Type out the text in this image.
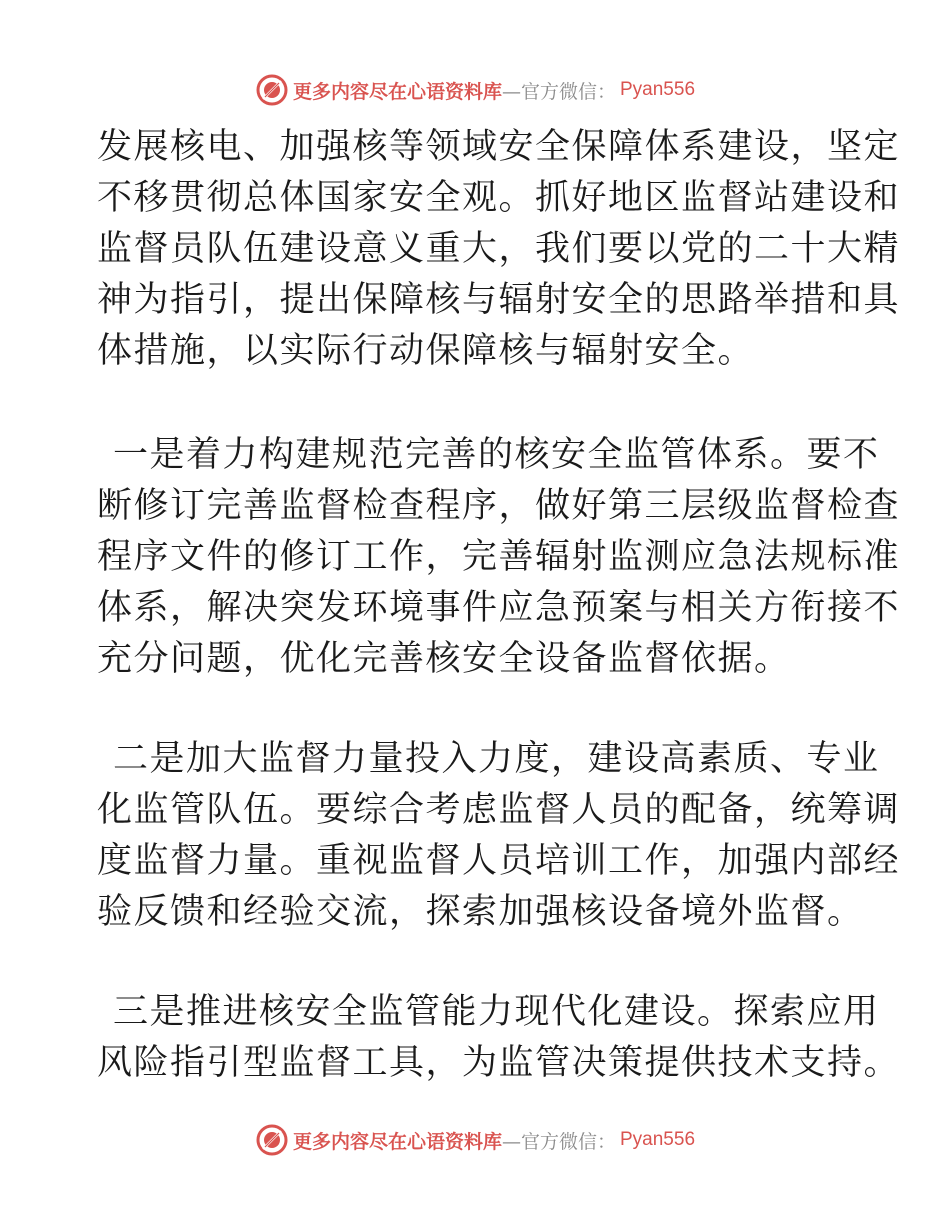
更多内容尽在心语资料库 —官方微信： Pyan556

发展核电、加强核等领域安全保障体系建设，坚定
不移贯彻总体国家安全观。抓好地区监督站建设和
监督员队伍建设意义重大，我们要以党的二十大精
神为指引，提出保障核与辐射安全的思路举措和具
体措施，以实际行动保障核与辐射安全。

一是着力构建规范完善的核安全监管体系。要不
断修订完善监督检查程序，做好第三层级监督检查
程序文件的修订工作，完善辐射监测应急法规标准
体系，解决突发环境事件应急预案与相关方衔接不
充分问题，优化完善核安全设备监督依据。

二是加大监督力量投入力度，建设高素质、专业
化监管队伍。要综合考虑监督人员的配备，统筹调
度监督力量。重视监督人员培训工作，加强内部经
验反馈和经验交流，探索加强核设备境外监督。

三是推进核安全监管能力现代化建设。探索应用
风险指引型监督工具，为监管决策提供技术支持。

更多内容尽在心语资料库 —官方微信： Pyan556
